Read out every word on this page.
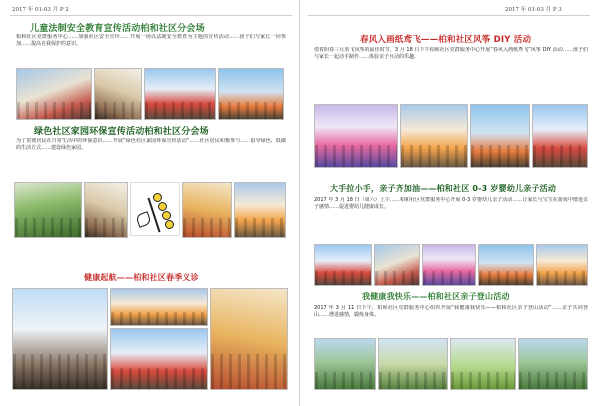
2017 年 01-03 月 P 2
儿童法制安全教育宣传活动柏和社区分会场
柏和社区党群服务中心……加强社区安全宣传……开展一场以法制安全教育为主题的宣传活动……孩子们与家长一同参加……提高自我保护的意识。
绿色社区家园环保宣传活动柏和社区分会场
为了贯彻居民在日常生活中的环保意识……开展“绿色社区家园环保宣传活动”……社区居民积极参与……倡导绿色、低碳的生活方式……建设绿色家园。
健康起航——柏和社区春季义诊
2017 年 01-03 月 P 3
春风入画纸鸢飞——柏和社区风筝 DIY 活动
借着阳春三月放飞风筝的最佳时节，3 月 18 日下午柏和社区党群服务中心开展“春风入画纸鸢飞”风筝 DIY 活动……孩子们与家长一起动手制作……体验亲子互动的乐趣。
大手拉小手，亲子齐加油——柏和社区 0-3 岁婴幼儿亲子活动
2017 年 3 月 18 日（周六）上午……柏和社区党群服务中心开展 0-3 岁婴幼儿亲子活动……让家长与宝宝在游戏中增进亲子感情……促进婴幼儿健康成长。
我健康我快乐——柏和社区亲子登山活动
2017 年 3 月 11 日下午，柏和社区党群服务中心组织开展“我健康我快乐——柏和社区亲子登山活动”……亲子共同登山……增进感情，锻炼身体。
